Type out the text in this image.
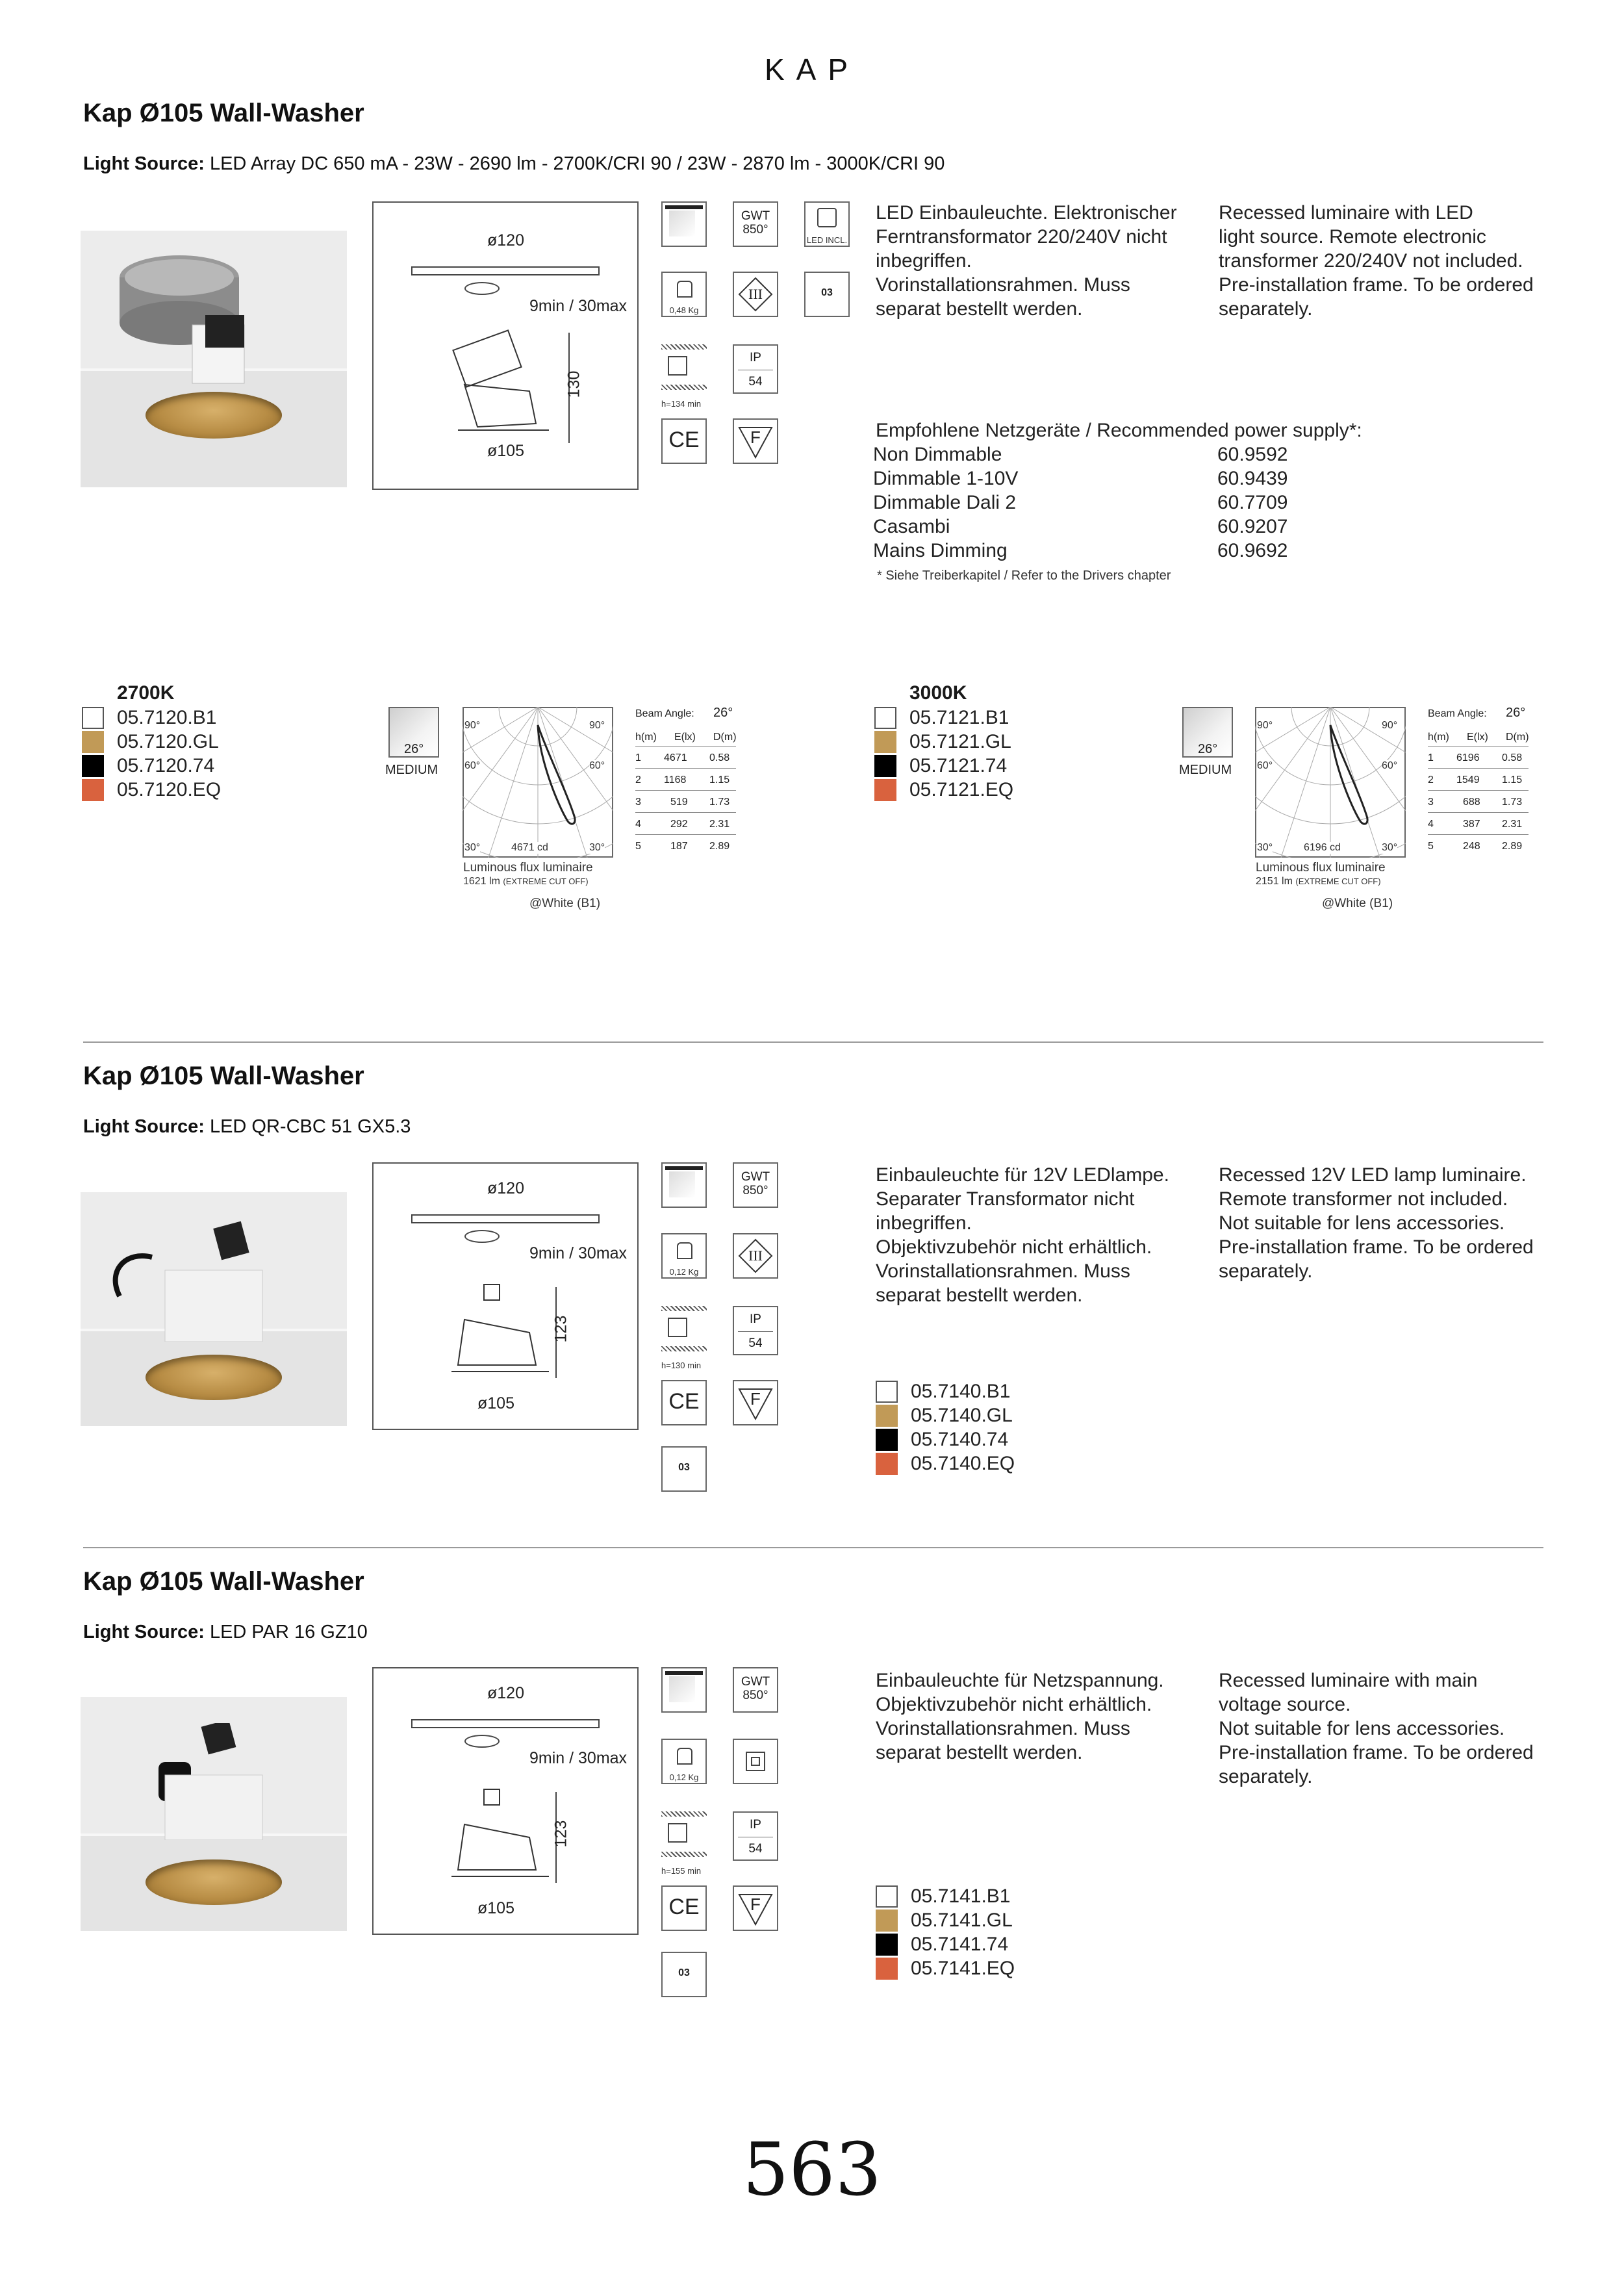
KAP
Kap Ø105 Wall-Washer
Light Source: LED Array DC 650 mA - 23W - 2690 lm - 2700K/CRI 90 / 23W - 2870 lm - 3000K/CRI 90
ø120
9min / 30max
130
ø105
GWT
850°
LED INCL.
0,48 Kg
III	03
h=134 min
IP
54
CE	F
LED Einbauleuchte. Elektronischer
Ferntransformator 220/240V nicht
inbegriffen.
Vorinstallationsrahmen. Muss
separat bestellt werden.
Recessed luminaire with LED
light source. Remote electronic
transformer 220/240V not included.
Pre-installation frame. To be ordered
separately.
Empfohlene Netzgeräte / Recommended power supply*:
Non Dimmable	60.9592
Dimmable 1-10V	60.9439
Dimmable Dali 2	60.7709
Casambi	60.9207
Mains Dimming	60.9692
* Siehe Treiberkapitel / Refer to the Drivers chapter
2700K
05.7120.B1
05.7120.GL
05.7120.74
05.7120.EQ
26°
MEDIUM
90°	90°
60°	60°
30°	30°
4671 cd
Luminous flux luminaire
1621 lm (EXTREME CUT OFF)
@White (B1)
Beam Angle: 26°
h(m) E(lx) D(m)
1 4671 0.58
2 1168 1.15
3	519 1.73
4	292 2.31
5	187 2.89
3000K
05.7121.B1
05.7121.GL
05.7121.74
05.7121.EQ
26°
MEDIUM
90°	90°
60°	60°
30°	30°
6196 cd
Luminous flux luminaire
2151 lm (EXTREME CUT OFF)
@White (B1)
Beam Angle: 26°
h(m) E(lx) D(m)
1 6196 0.58
2 1549 1.15
3	688 1.73
4	387 2.31
5	248 2.89
Kap Ø105 Wall-Washer
Light Source: LED QR-CBC 51 GX5.3
ø120
9min / 30max
123
ø105
GWT
850°
0,12 Kg
III
h=130 min
IP
54
CE	F
03
Einbauleuchte für 12V LEDlampe.
Separater Transformator nicht
inbegriffen.
Objektivzubehör nicht erhältlich.
Vorinstallationsrahmen. Muss
separat bestellt werden.
Recessed 12V LED lamp luminaire.
Remote transformer not included.
Not suitable for lens accessories.
Pre-installation frame. To be ordered
separately.
05.7140.B1
05.7140.GL
05.7140.74
05.7140.EQ
Kap Ø105 Wall-Washer
Light Source: LED PAR 16 GZ10
ø120
9min / 30max
123
ø105
GWT
850°
0,12 Kg
h=155 min
IP
54
CE	F
03
Einbauleuchte für Netzspannung.
Objektivzubehör nicht erhältlich.
Vorinstallationsrahmen. Muss
separat bestellt werden.
Recessed luminaire with main
voltage source.
Not suitable for lens accessories.
Pre-installation frame. To be ordered
separately.
05.7141.B1
05.7141.GL
05.7141.74
05.7141.EQ
563
